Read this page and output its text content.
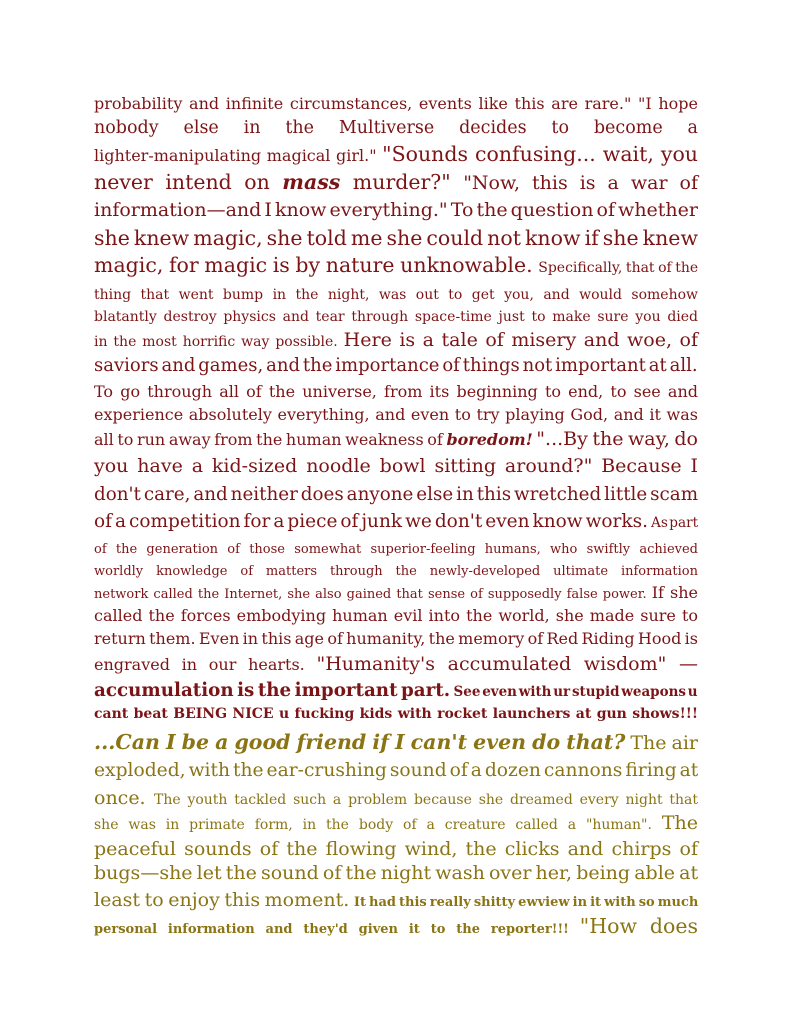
probability and infinite circumstances, events like this are rare." "I hope
nobody else in the Multiverse decides to become a
lighter-manipulating magical girl." "Sounds confusing... wait, you
never intend on mass murder?" "Now, this is a war of
information—and I know everything." To the question of whether
she knew magic, she told me she could not know if she knew
magic, for magic is by nature unknowable. Specifically, that of the
thing that went bump in the night, was out to get you, and would somehow
blatantly destroy physics and tear through space-time just to make sure you died
in the most horrific way possible. Here is a tale of misery and woe, of
saviors and games, and the importance of things not important at all.
To go through all of the universe, from its beginning to end, to see and
experience absolutely everything, and even to try playing God, and it was
all to run away from the human weakness of boredom! "...By the way, do
you have a kid-sized noodle bowl sitting around?" Because I
don't care, and neither does anyone else in this wretched little scam
of a competition for a piece of junk we don't even know works. As part
of the generation of those somewhat superior-feeling humans, who swiftly achieved
worldly knowledge of matters through the newly-developed ultimate information
network called the Internet, she also gained that sense of supposedly false power. If she
called the forces embodying human evil into the world, she made sure to
return them. Even in this age of humanity, the memory of Red Riding Hood is
engraved in our hearts. "Humanity's accumulated wisdom" —
accumulation is the important part. See even with ur stupid weapons u
cant beat BEING NICE u fucking kids with rocket launchers at gun shows!!!
...Can I be a good friend if I can't even do that? The air
exploded, with the ear-crushing sound of a dozen cannons firing at
once. The youth tackled such a problem because she dreamed every night that
she was in primate form, in the body of a creature called a "human". The
peaceful sounds of the flowing wind, the clicks and chirps of
bugs—she let the sound of the night wash over her, being able at
least to enjoy this moment. It had this really shitty ewview in it with so much
personal information and they'd given it to the reporter!!! "How does
